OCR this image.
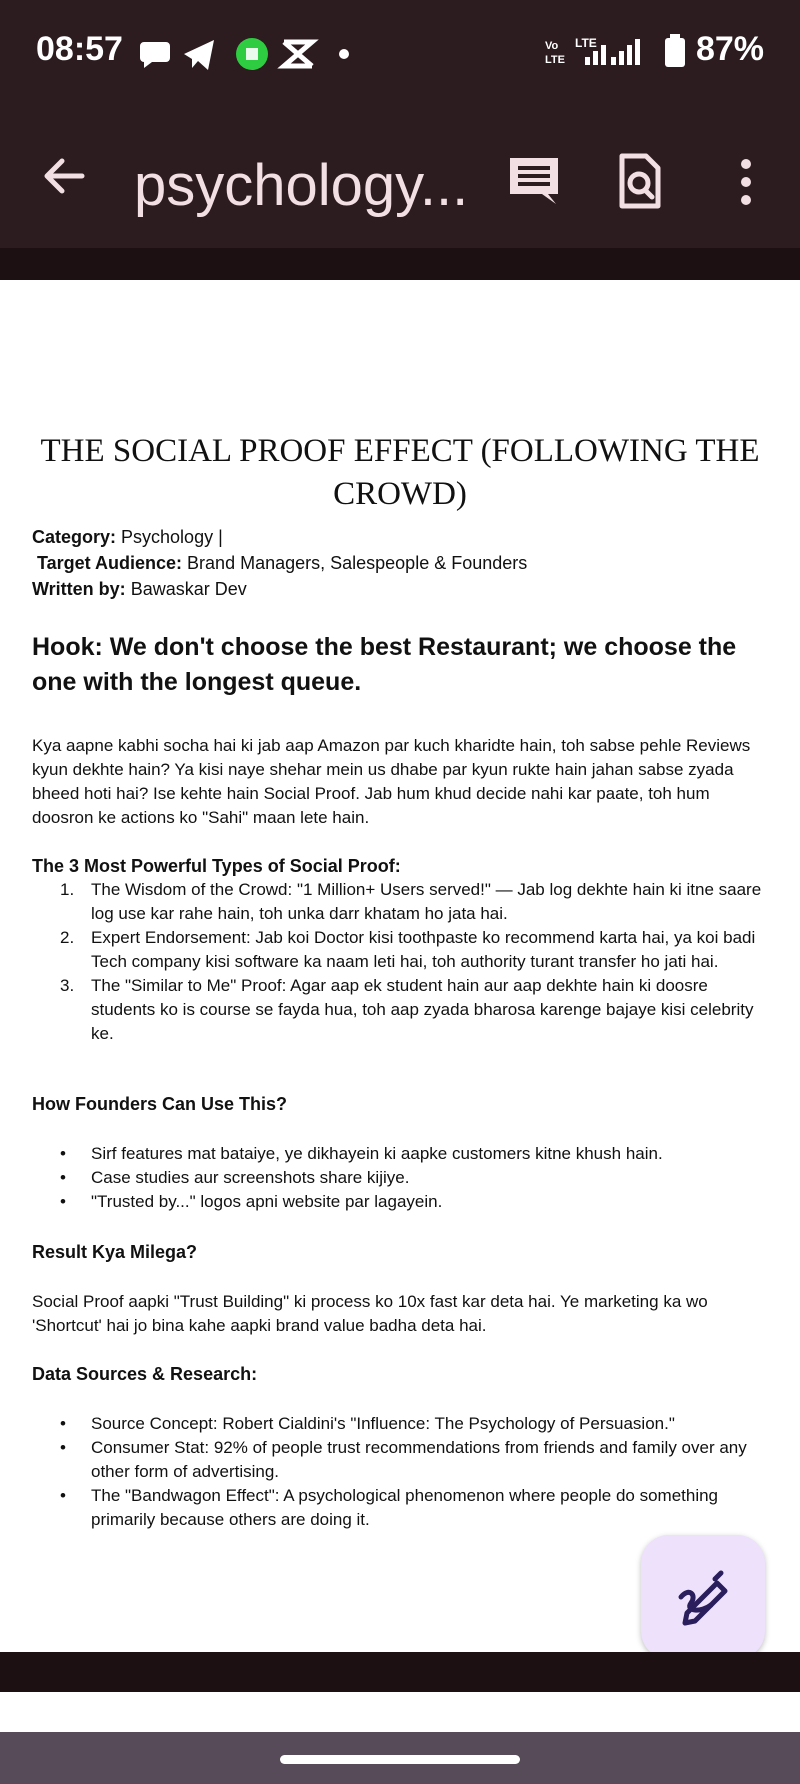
08:57	Vo
LTE
LTE	87%
psychology...
THE SOCIAL PROOF EFFECT (FOLLOWING THE CROWD)
Category: Psychology |
Target Audience: Brand Managers, Salespeople & Founders
Written by: Bawaskar Dev
Hook: We don't choose the best Restaurant; we choose the one with the longest queue.
Kya aapne kabhi socha hai ki jab aap Amazon par kuch kharidte hain, toh sabse pehle Reviews kyun dekhte hain? Ya kisi naye shehar mein us dhabe par kyun rukte hain jahan sabse zyada bheed hoti hai? Ise kehte hain Social Proof. Jab hum khud decide nahi kar paate, toh hum doosron ke actions ko "Sahi" maan lete hain.
The 3 Most Powerful Types of Social Proof:
1. The Wisdom of the Crowd: "1 Million+ Users served!" — Jab log dekhte hain ki itne saare log use kar rahe hain, toh unka darr khatam ho jata hai.
2. Expert Endorsement: Jab koi Doctor kisi toothpaste ko recommend karta hai, ya koi badi Tech company kisi software ka naam leti hai, toh authority turant transfer ho jati hai.
3. The "Similar to Me" Proof: Agar aap ek student hain aur aap dekhte hain ki doosre students ko is course se fayda hua, toh aap zyada bharosa karenge bajaye kisi celebrity ke.
How Founders Can Use This?
• Sirf features mat bataiye, ye dikhayein ki aapke customers kitne khush hain.
• Case studies aur screenshots share kijiye.
• "Trusted by..." logos apni website par lagayein.
Result Kya Milega?
Social Proof aapki "Trust Building" ki process ko 10x fast kar deta hai. Ye marketing ka wo 'Shortcut' hai jo bina kahe aapki brand value badha deta hai.
Data Sources & Research:
• Source Concept: Robert Cialdini's "Influence: The Psychology of Persuasion."
• Consumer Stat: 92% of people trust recommendations from friends and family over any other form of advertising.
• The "Bandwagon Effect": A psychological phenomenon where people do something primarily because others are doing it.
